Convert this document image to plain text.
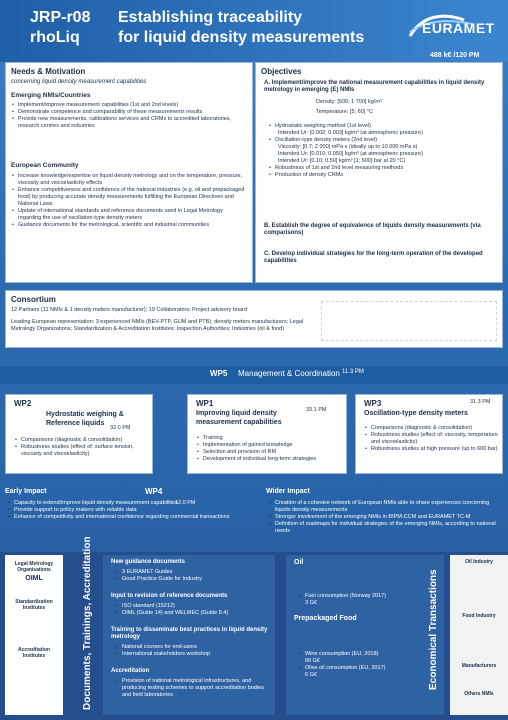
JRP-r08
rhoLiq
Establishing traceability
for liquid density measurements
EURAMET
488 k€ /120 PM
Needs & Motivation
concerning liquid density measurement capabilities
Emerging NMIs/Countries
• Implement/improve measurement capabilities (1st and 2nd levels)
• Demonstrate competence and comparability of these measurements results
• Provide new measurements, calibrations services and CRMs to accredited laboratories, research centres and industries
European Community
• Increase knowledge/expertise on liquid density metrology and on the temperature, pressure, viscosity and viscoelasticity effects
• Enhance competitiveness and confidence of the national industries (e.g. oil and prepackaged food) by producing accurate density measurements fulfilling the European Directives and National Laws
• Update of international standards and reference documents used in Legal Metrology regarding the use of oscillation-type density meters
• Guidance documents for the metrological, scientific and industrial communities
Objectives
A. Implement/improve the national measurement capabilities in liquid density metrology in emerging (E) NMIs
Density: [600; 1 700] kg/m³
Temperature: [5; 60] °C
• Hydrostatic weighing method (1st level)
Intended Ur: [0.002; 0.003] kg/m³ (at atmospheric pressure)
• Oscillation-type density meters (2nd level)
Viscosity: [0.7; 2 000] mPa s (ideally up to 10 000 mPa s)
Intended Ur: [0.010; 0.050] kg/m³ (at atmospheric pressure)
Intended Ur: [0.10; 0.50] kg/m³ [1; 600] bar at 20 °C)
• Robustness of 1st and 2nd level measuring methods
• Production of density CRMs
B. Establish the degree of equivalence of liquids density measurements (via comparisons)
C. Develop individual strategies for the long-term operation of the developed capabilities
Consortium
12 Partners (11 NMIs & 1 density meters manufacturer); 19 Collaborators; Project advisory board
Leading European representation: 3 experienced NMIs (BEV-PTP, GUM and PTB); density meters manufacturers; Legal Metrology Organizations; Standardization & Accreditation Institutes; Inspection Authorities; Industries (oil & food)
WP5 Management & Coordination 11.3 PM
WP2
Hydrostatic weighing &
Reference liquids
32.0 PM
• Comparisons (diagnostic & consolidation)
• Robustness studies (effect of: surface tension, viscosity and viscoelasticity)
WP1
Improving liquid density
measurement capabilities
33.1 PM
• Training
• Implementation of gained knowledge
• Selection and provision of RM
• Development of individual long-term strategies
WP3
Oscillation-type density meters
31.3 PM
• Comparisons (diagnostic & consolidation)
• Robustness studies (effect of: viscosity, temperature and viscoelasticity)
• Robustness studies at high pressure (up to 600 bar)
Early Impact
• Capacity to extend/improve liquid density measurement capabilities
• Provide support to policy makers with reliable data
• Enhance of competitivity and international confidence regarding commercial transactions
WP4
12.0 PM
Wider Impact
• Creation of a cohesive network of European NMIs able to share experiences concerning liquids density measurements
• Stronger involvement of the emerging NMIs in BIPM-CCM and EURAMET TC-M
• Definition of roadmaps for individual strategies of the emerging NMIs, according to national needs
Legal Metrology Organisations
OIML
Standardization Institutes
Accreditation Institutes	Documents, Trainings, Accreditation	New guidance documents
• 3 EURAMET Guides
• Good Practice Guide for Industry
Input to revision of reference documents
• ISO standard (15212)
• OIML (Guide 14) and WELMEC (Guide 8.4)
Training to disseminate best practices in liquid density metrology
• National courses for end-users
• International stakeholders workshop
Accreditation
• Provision of national metrological infrastructures, and producing testing schemes to support accreditation bodies and field laboratories
Oil
• Fuel consumption (Norway 2017)
3 G€
Prepackaged Food
• Wine consumption (EU, 2018)
60 G€
• Olive oil consumption (EU, 2017)
6 G€	Economical Transactions
Oil Industry
Food Industry
Manufacturers
Others NMIs
